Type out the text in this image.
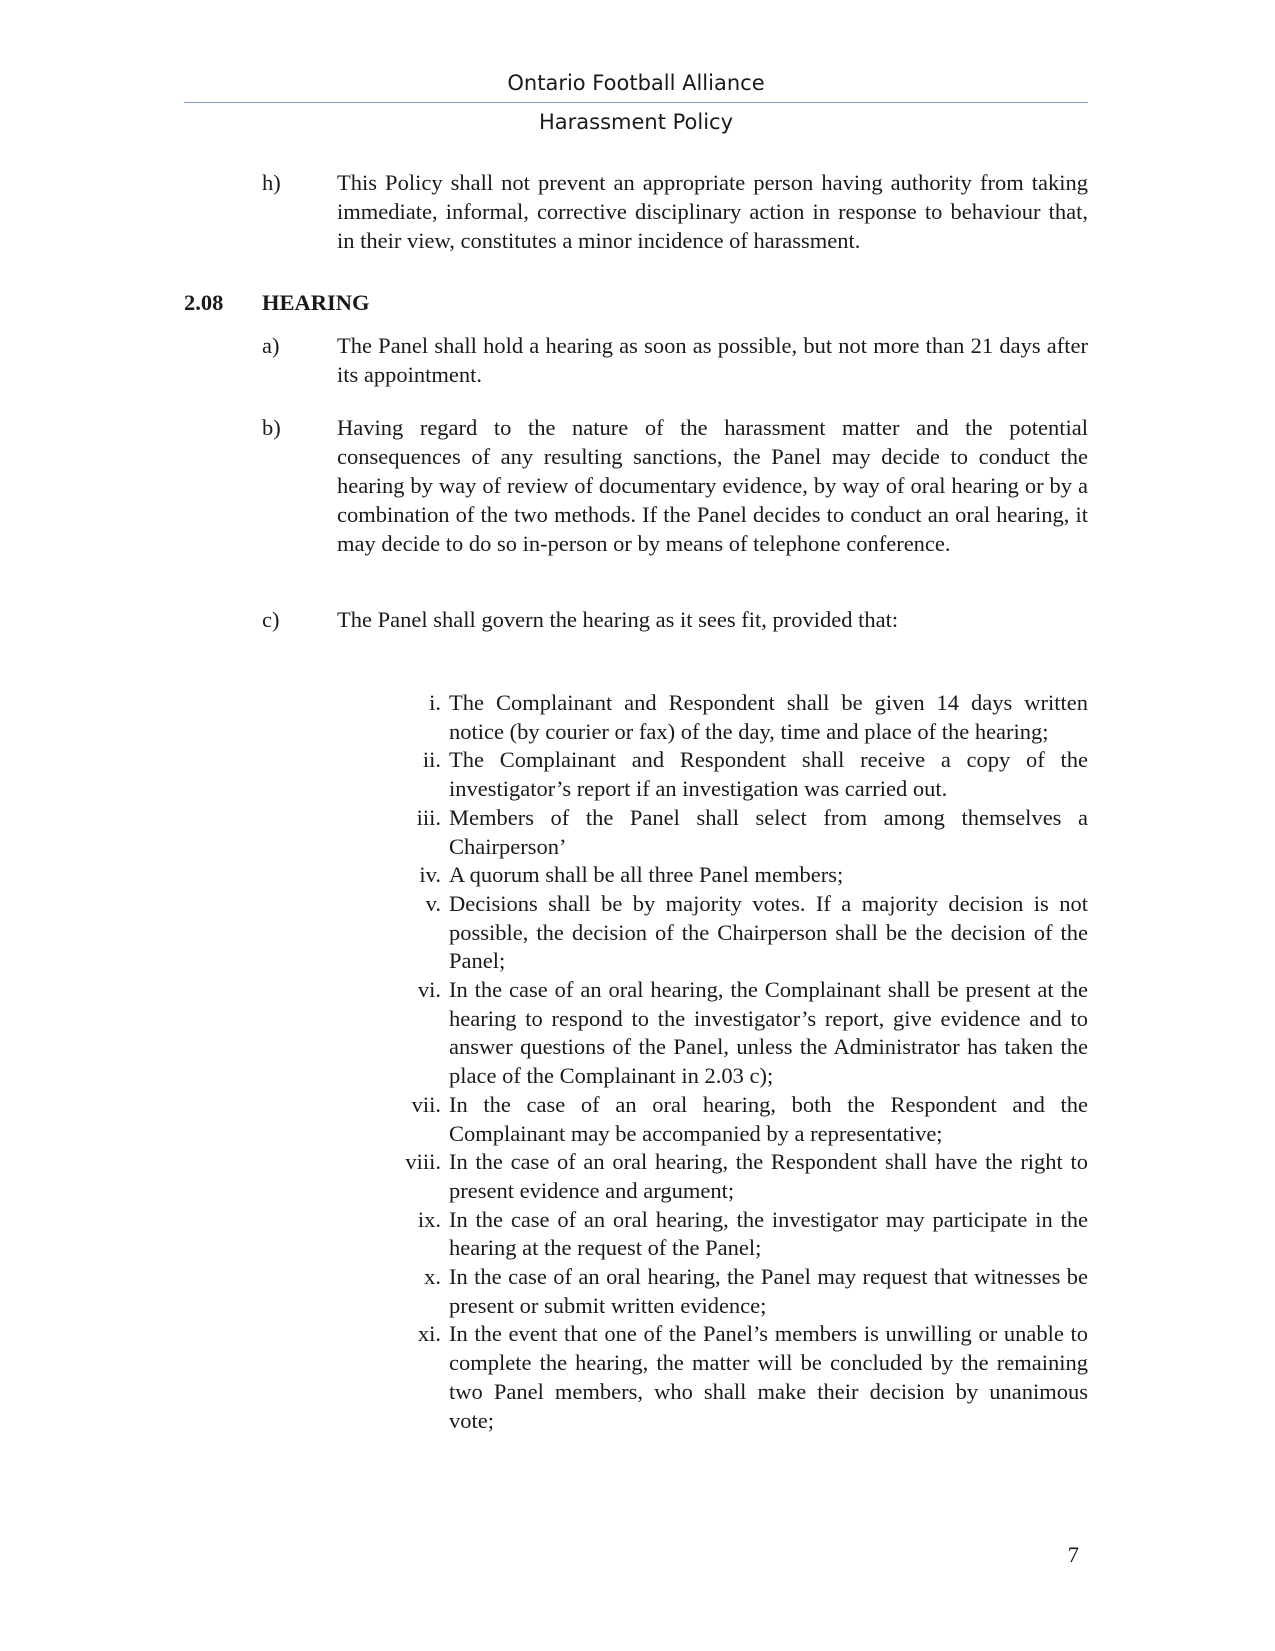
Ontario Football Alliance
Harassment Policy
h)	This Policy shall not prevent an appropriate person having authority from taking immediate, informal, corrective disciplinary action in response to behaviour that, in their view, constitutes a minor incidence of harassment.
2.08 HEARING
a)	The Panel shall hold a hearing as soon as possible, but not more than 21 days after its appointment.
b)	Having regard to the nature of the harassment matter and the potential consequences of any resulting sanctions, the Panel may decide to conduct the hearing by way of review of documentary evidence, by way of oral hearing or by a combination of the two methods. If the Panel decides to conduct an oral hearing, it may decide to do so in-person or by means of telephone conference.
c)	The Panel shall govern the hearing as it sees fit, provided that:
i. The Complainant and Respondent shall be given 14 days written notice (by courier or fax) of the day, time and place of the hearing;
ii. The Complainant and Respondent shall receive a copy of the investigator’s report if an investigation was carried out.
iii. Members of the Panel shall select from among themselves a Chairperson’
iv. A quorum shall be all three Panel members;
v. Decisions shall be by majority votes. If a majority decision is not possible, the decision of the Chairperson shall be the decision of the Panel;
vi. In the case of an oral hearing, the Complainant shall be present at the hearing to respond to the investigator’s report, give evidence and to answer questions of the Panel, unless the Administrator has taken the place of the Complainant in 2.03 c);
vii. In the case of an oral hearing, both the Respondent and the Complainant may be accompanied by a representative;
viii. In the case of an oral hearing, the Respondent shall have the right to present evidence and argument;
ix. In the case of an oral hearing, the investigator may participate in the hearing at the request of the Panel;
x. In the case of an oral hearing, the Panel may request that witnesses be present or submit written evidence;
xi. In the event that one of the Panel’s members is unwilling or unable to complete the hearing, the matter will be concluded by the remaining two Panel members, who shall make their decision by unanimous vote;
7
